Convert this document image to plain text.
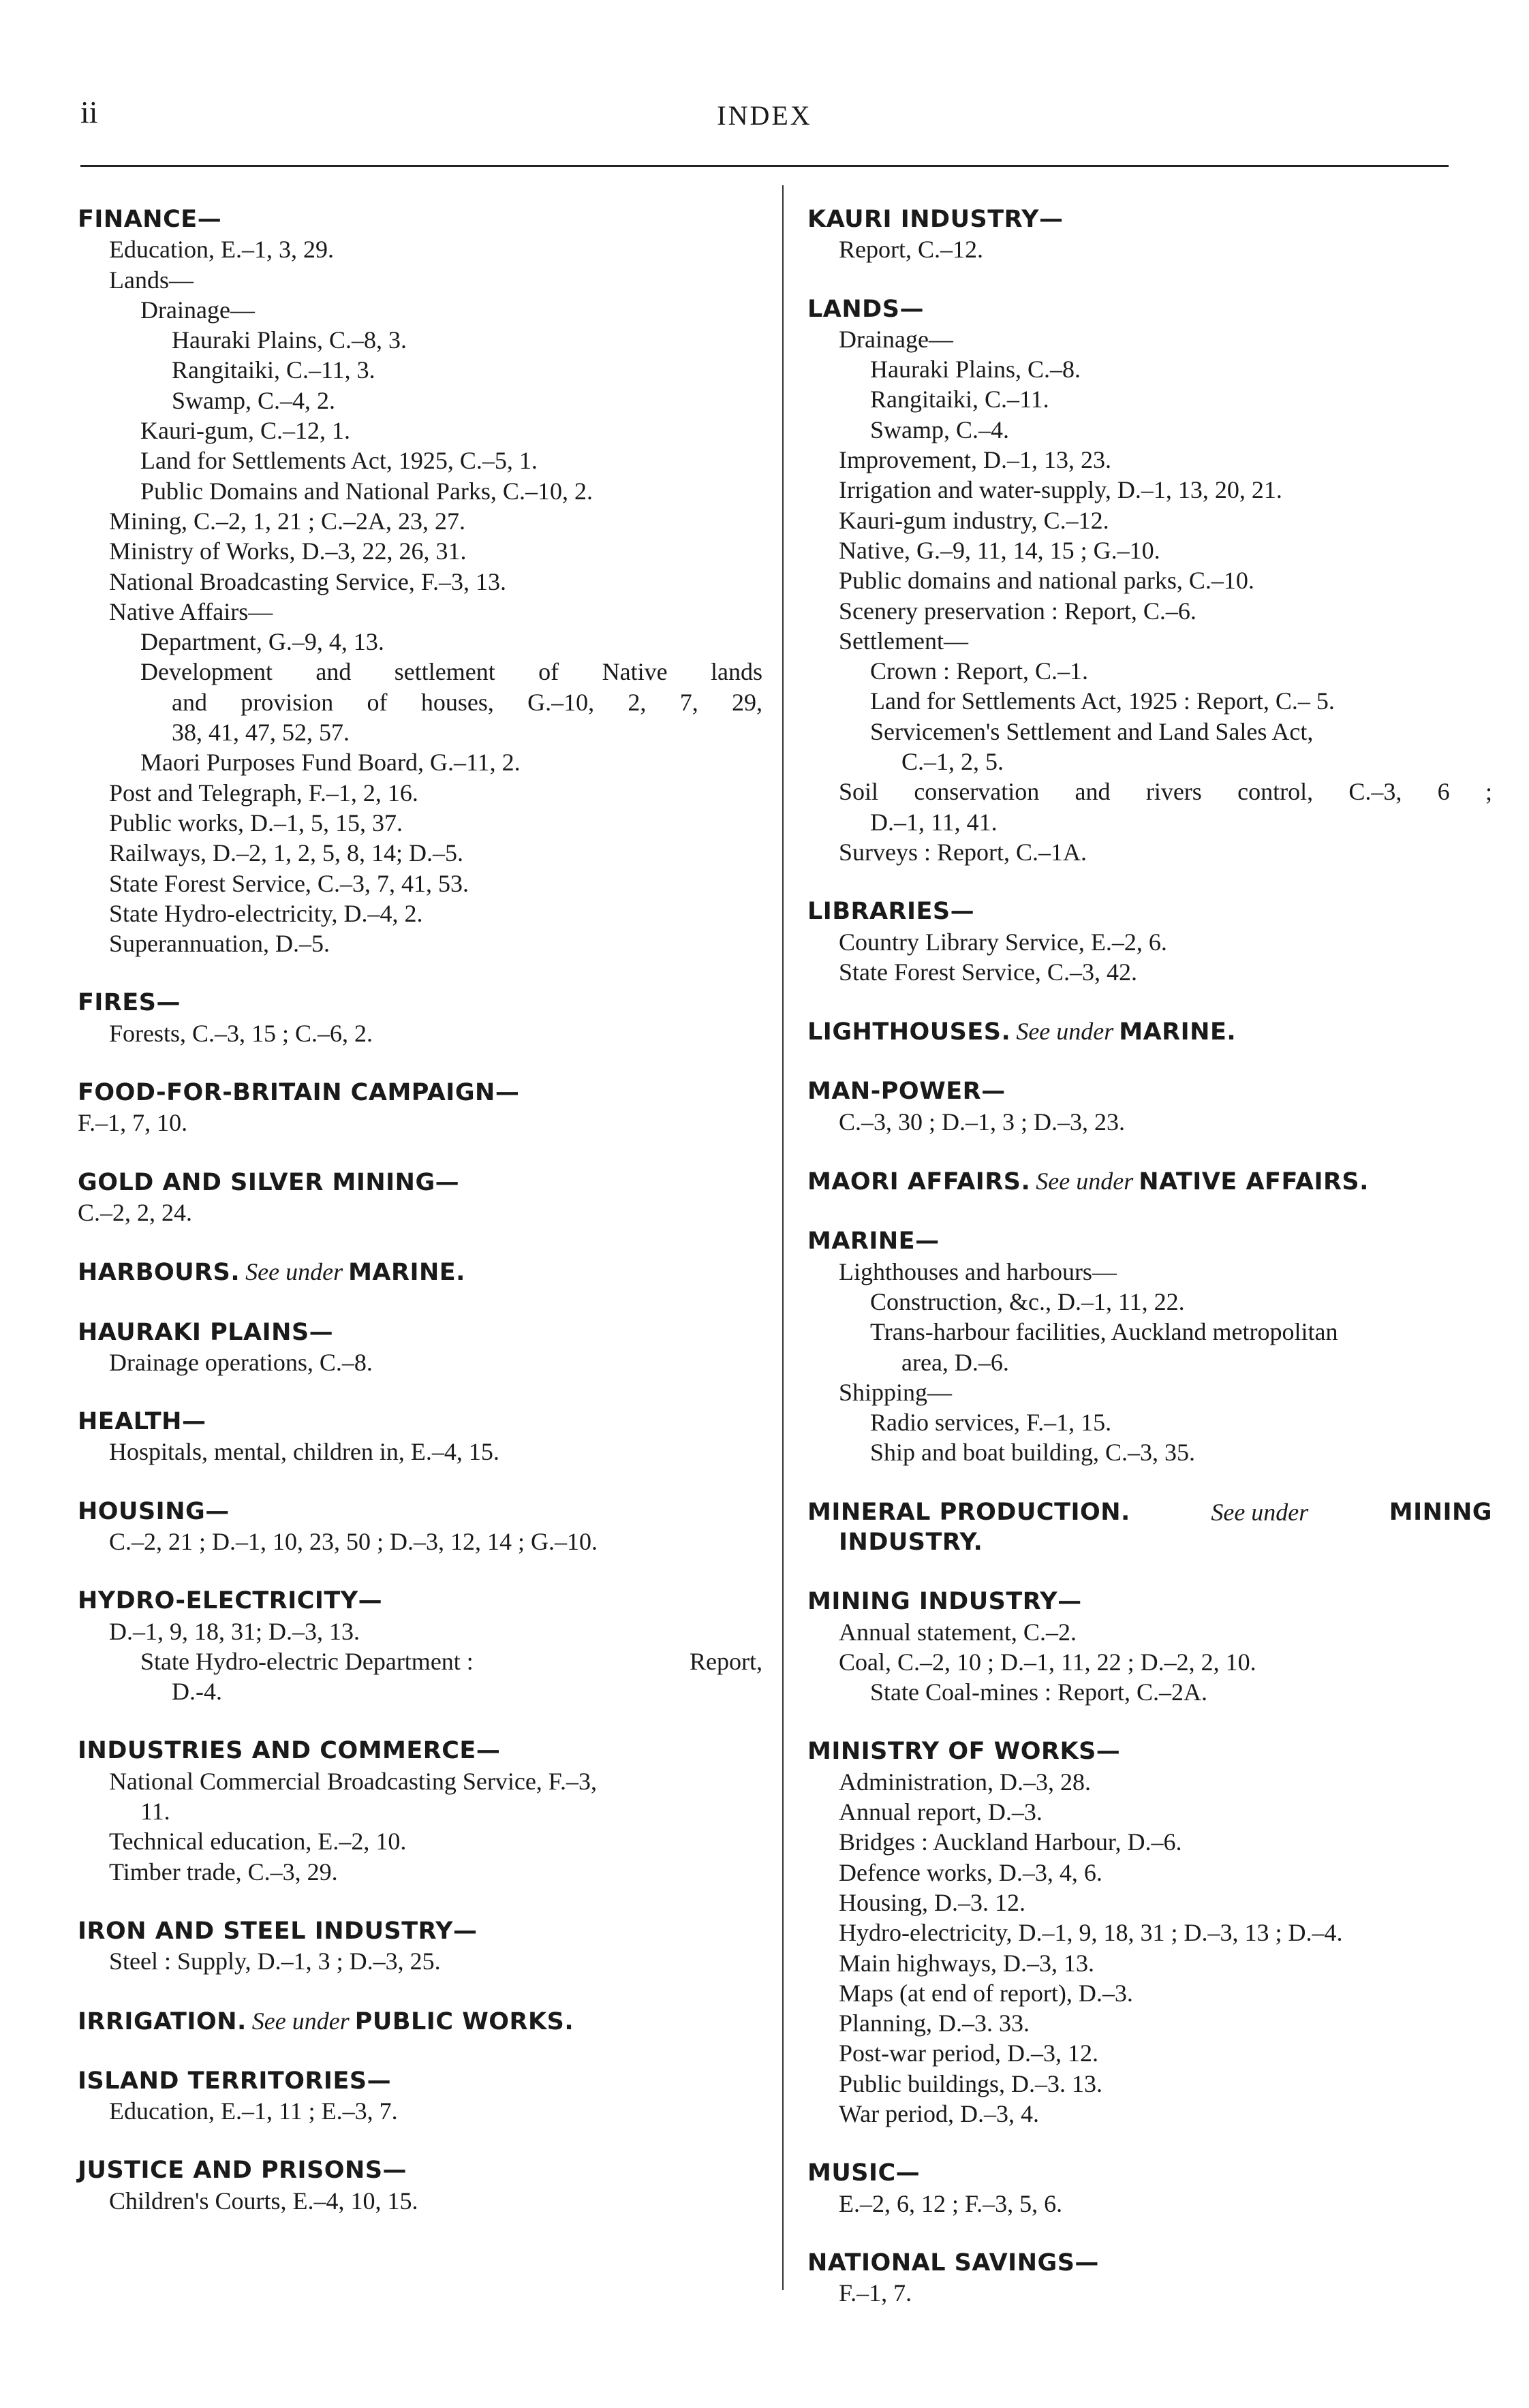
ii	INDEX
FINANCE—
Education, E.–1, 3, 29.
Lands—
Drainage—
Hauraki Plains, C.–8, 3.
Rangitaiki, C.–11, 3.
Swamp, C.–4, 2.
Kauri-gum, C.–12, 1.
Land for Settlements Act, 1925, C.–5, 1.
Public Domains and National Parks, C.–10, 2.
Mining, C.–2, 1, 21 ; C.–2A, 23, 27.
Ministry of Works, D.–3, 22, 26, 31.
National Broadcasting Service, F.–3, 13.
Native Affairs—
Department, G.–9, 4, 13.
Development and settlement of Native lands
and provision of houses, G.–10, 2, 7, 29,
38, 41, 47, 52, 57.
Maori Purposes Fund Board, G.–11, 2.
Post and Telegraph, F.–1, 2, 16.
Public works, D.–1, 5, 15, 37.
Railways, D.–2, 1, 2, 5, 8, 14; D.–5.
State Forest Service, C.–3, 7, 41, 53.
State Hydro-electricity, D.–4, 2.
Superannuation, D.–5.
FIRES—
Forests, C.–3, 15 ; C.–6, 2.
FOOD-FOR-BRITAIN CAMPAIGN—
F.–1, 7, 10.
GOLD AND SILVER MINING—
C.–2, 2, 24.
HARBOURS. See under MARINE.
HAURAKI PLAINS—
Drainage operations, C.–8.
HEALTH—
Hospitals, mental, children in, E.–4, 15.
HOUSING—
C.–2, 21 ; D.–1, 10, 23, 50 ; D.–3, 12, 14 ; G.–10.
HYDRO-ELECTRICITY—
D.–1, 9, 18, 31; D.–3, 13.
State Hydro-electric Department :	Report,
D.-4.
INDUSTRIES AND COMMERCE—
National Commercial Broadcasting Service, F.–3,
11.
Technical education, E.–2, 10.
Timber trade, C.–3, 29.
IRON AND STEEL INDUSTRY—
Steel : Supply, D.–1, 3 ; D.–3, 25.
IRRIGATION. See under PUBLIC WORKS.
ISLAND TERRITORIES—
Education, E.–1, 11 ; E.–3, 7.
JUSTICE AND PRISONS—
Children's Courts, E.–4, 10, 15.
KAURI INDUSTRY—
Report, C.–12.
LANDS—
Drainage—
Hauraki Plains, C.–8.
Rangitaiki, C.–11.
Swamp, C.–4.
Improvement, D.–1, 13, 23.
Irrigation and water-supply, D.–1, 13, 20, 21.
Kauri-gum industry, C.–12.
Native, G.–9, 11, 14, 15 ; G.–10.
Public domains and national parks, C.–10.
Scenery preservation : Report, C.–6.
Settlement—
Crown : Report, C.–1.
Land for Settlements Act, 1925 : Report, C.– 5.
Servicemen's Settlement and Land Sales Act,
C.–1, 2, 5.
Soil conservation and rivers control, C.–3, 6 ;
D.–1, 11, 41.
Surveys : Report, C.–1A.
LIBRARIES—
Country Library Service, E.–2, 6.
State Forest Service, C.–3, 42.
LIGHTHOUSES. See under MARINE.
MAN-POWER—
C.–3, 30 ; D.–1, 3 ; D.–3, 23.
MAORI AFFAIRS. See under NATIVE AFFAIRS.
MARINE—
Lighthouses and harbours—
Construction, &c., D.–1, 11, 22.
Trans-harbour facilities, Auckland metropolitan
area, D.–6.
Shipping—
Radio services, F.–1, 15.
Ship and boat building, C.–3, 35.
MINERAL PRODUCTION.	See under	MINING
INDUSTRY.
MINING INDUSTRY—
Annual statement, C.–2.
Coal, C.–2, 10 ; D.–1, 11, 22 ; D.–2, 2, 10.
State Coal-mines : Report, C.–2A.
MINISTRY OF WORKS—
Administration, D.–3, 28.
Annual report, D.–3.
Bridges : Auckland Harbour, D.–6.
Defence works, D.–3, 4, 6.
Housing, D.–3. 12.
Hydro-electricity, D.–1, 9, 18, 31 ; D.–3, 13 ; D.–4.
Main highways, D.–3, 13.
Maps (at end of report), D.–3.
Planning, D.–3. 33.
Post-war period, D.–3, 12.
Public buildings, D.–3. 13.
War period, D.–3, 4.
MUSIC—
E.–2, 6, 12 ; F.–3, 5, 6.
NATIONAL SAVINGS—
F.–1, 7.
